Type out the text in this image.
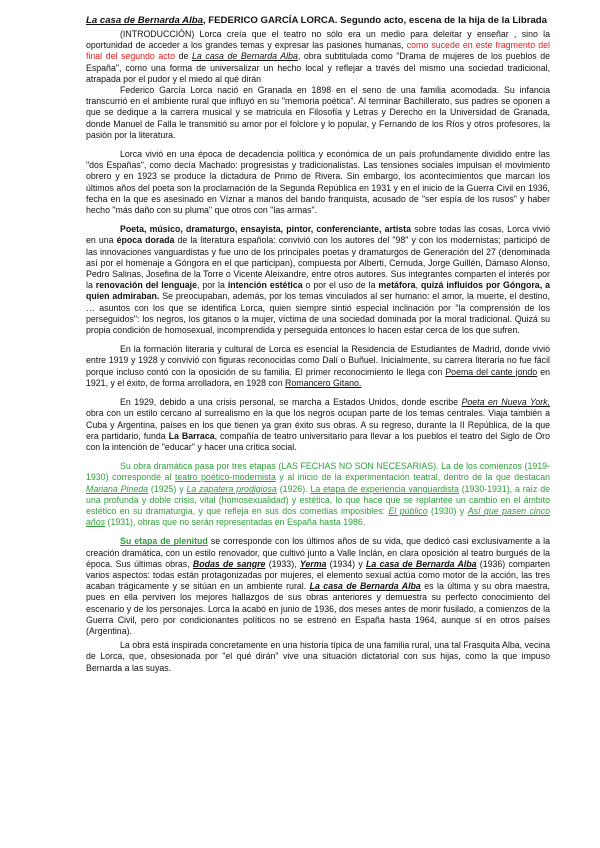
La casa de Bernarda Alba, FEDERICO GARCÍA LORCA. Segundo acto, escena de la hija de la Librada

(INTRODUCCIÓN) Lorca creía que el teatro no sólo era un medio para deleitar y enseñar , sino la oportunidad de acceder a los grandes temas y expresar las pasiones humanas, como sucede en este fragmento del final del segundo acto de La casa de Bernarda Alba, obra subtitulada como "Drama de mujeres de los pueblos de España", como una forma de universalizar un hecho local y reflejar a través del mismo una sociedad tradicional, atrapada por el pudor y el miedo al qué dirán

Federico García Lorca nació en Granada en 1898 en el seno de una familia acomodada. Su infancia transcurrió en el ambiente rural que influyó en su "memoria poética". Al terminar Bachillerato, sus padres se oponen a que se dedique a la carrera musical y se matricula en Filosofía y Letras y Derecho en la Universidad de Granada, donde Manuel de Falla le transmitió su amor por el folclore y lo popular, y Fernando de los Ríos y otros profesores, la pasión por la literatura.

Lorca vivió en una época de decadencia política y económica de un país profundamente dividido entre las "dos Españas", como decía Machado: progresistas y tradicionalistas. Las tensiones sociales impulsan el movimiento obrero y en 1923 se produce la dictadura de Primo de Rivera. Sin embargo, los acontecimientos que marcan los últimos años del poeta son la proclamación de la Segunda República en 1931 y en el inicio de la Guerra Civil en 1936, fecha en la que es asesinado en Víznar a manos del bando franquista, acusado de "ser espía de los rusos" y haber hecho "más daño con su pluma" que otros con "las armas".

Poeta, músico, dramaturgo, ensayista, pintor, conferenciante, artista sobre todas las cosas, Lorca vivió en una época dorada de la literatura española: convivió con los autores del "98" y con los modernistas; participó de las innovaciones vanguardistas y fue uno de los principales poetas y dramaturgos de Generación del 27 (denominada así por el homenaje a Góngora en el que participan), compuesta por Alberti, Cernuda, Jorge Guillén, Dámaso Alonso, Pedro Salinas, Josefina de la Torre o Vicente Aleixandre, entre otros autores. Sus integrantes comparten el interés por la renovación del lenguaje, por la intención estética o por el uso de la metáfora, quizá influidos por Góngora, a quien admiraban. Se preocupaban, además, por los temas vinculados al ser humano: el amor, la muerte, el destino, … asuntos con los que se identifica Lorca, quien siempre sintió especial inclinación por "la comprensión de los perseguidos": los negros, los gitanos o la mujer, víctima de una sociedad dominada por la moral tradicional. Quizá su propia condición de homosexual, incomprendida y perseguida entonces lo hacen estar cerca de los que sufren.

En la formación literaria y cultural de Lorca es esencial la Residencia de Estudiantes de Madrid, donde vivió entre 1919 y 1928 y convivió con figuras reconocidas como Dalí o Buñuel. Inicialmente, su carrera literaria no fue fácil porque incluso contó con la oposición de su familia. El primer reconocimiento le llega con Poema del cante jondo en 1921, y el éxito, de forma arrolladora, en 1928 con Romancero Gitano.

En 1929, debido a una crisis personal, se marcha a Estados Unidos, donde escribe Poeta en Nueva York, obra con un estilo cercano al surrealismo en la que los negros ocupan parte de los temas centrales. Viaja también a Cuba y Argentina, países en los que tienen ya gran éxito sus obras. A su regreso, durante la II República, de la que era partidario, funda La Barraca, compañía de teatro universitario para llevar a los pueblos el teatro del Siglo de Oro con la intención de "educar" y hacer una crítica social.

Su obra dramática pasa por tres etapas (LAS FECHAS NO SON NECESARIAS). La de los comienzos (1919-1930) corresponde al teatro poético-modernista y al inicio de la experimentación teatral, dentro de la que destacan Mariana Pineda (1925) y La zapatera prodigiosa (1926). La etapa de experiencia vanguardista (1930-1931), a raíz de una profunda y doble crisis, vital (homosexualidad) y estética, lo que hace que se replantee un cambio en el ámbito estético en su dramaturgia, y que refleja en sus dos comedias imposibles: El público (1930) y Así que pasen cinco años (1931), obras que no serán representadas en España hasta 1986.

Su etapa de plenitud se corresponde con los últimos años de su vida, que dedicó casi exclusivamente a la creación dramática, con un estilo renovador, que cultivó junto a Valle Inclán, en clara oposición al teatro burgués de la época. Sus últimas obras, Bodas de sangre (1933), Yerma (1934) y La casa de Bernarda Alba (1936) comparten varios aspectos: todas están protagonizadas por mujeres, el elemento sexual actúa como motor de la acción, las tres acaban trágicamente y se sitúan en un ambiente rural. La casa de Bernarda Alba es la última y su obra maestra, pues en ella perviven los mejores hallazgos de sus obras anteriores y demuestra su perfecto conocimiento del escenario y de los personajes. Lorca la acabó en junio de 1936, dos meses antes de morir fusilado, a comienzos de la Guerra Civil, pero por condicionantes políticos no se estrenó en España hasta 1964, aunque sí en otros países (Argentina).

La obra está inspirada concretamente en una historia típica de una familia rural, una tal Frasquita Alba, vecina de Lorca, que, obsesionada por "el qué dirán" vive una situación dictatorial con sus hijas, como la que impuso Bernarda a las suyas.
